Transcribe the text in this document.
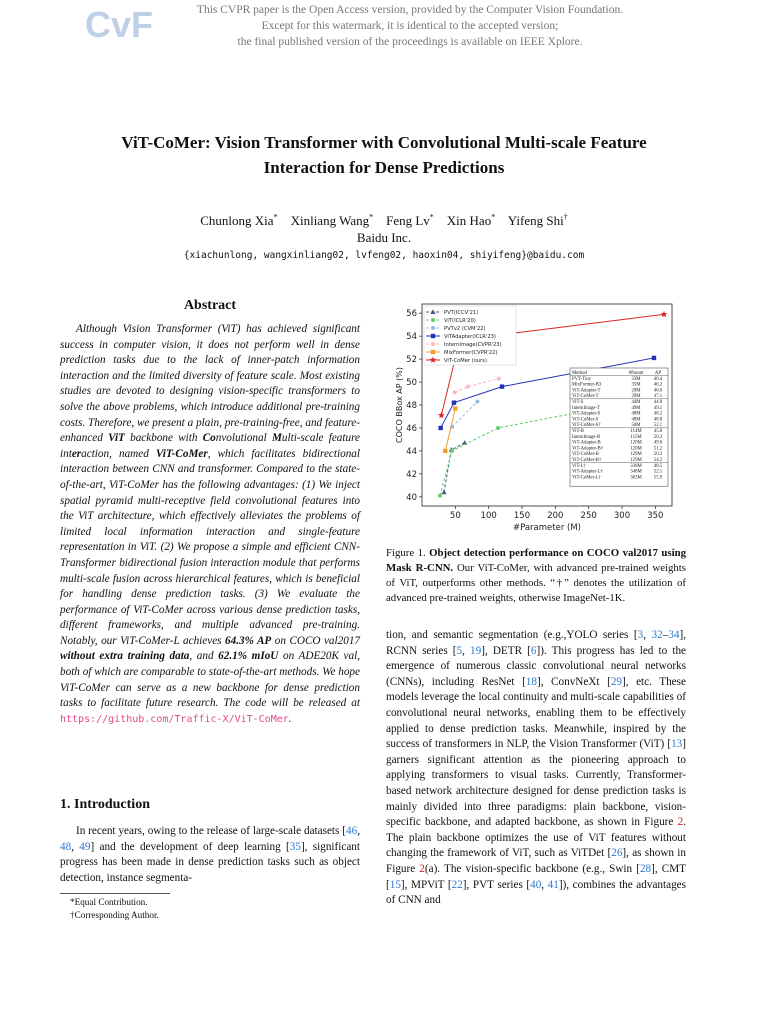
CvF	This CVPR paper is the Open Access version, provided by the Computer Vision Foundation.
Except for this watermark, it is identical to the accepted version;
the final published version of the proceedings is available on IEEE Xplore.
ViT-CoMer: Vision Transformer with Convolutional Multi-scale Feature
Interaction for Dense Predictions
Chunlong Xia* Xinliang Wang* Feng Lv* Xin Hao* Yifeng Shi†
Baidu Inc.
{xiachunlong, wangxinliang02, lvfeng02, haoxin04, shiyifeng}@baidu.com
Abstract
Although Vision Transformer (ViT) has achieved significant success in computer vision, it does not perform well in dense prediction tasks due to the lack of inner-patch information interaction and the limited diversity of feature scale. Most existing studies are devoted to designing vision-specific transformers to solve the above problems, which introduce additional pre-training costs. Therefore, we present a plain, pre-training-free, and feature-enhanced ViT backbone with Convolutional Multi-scale feature interaction, named ViT-CoMer, which facilitates bidirectional interaction between CNN and transformer. Compared to the state-of-the-art, ViT-CoMer has the following advantages: (1) We inject spatial pyramid multi-receptive field convolutional features into the ViT architecture, which effectively alleviates the problems of limited local information interaction and single-feature representation in ViT. (2) We propose a simple and efficient CNN-Transformer bidirectional fusion interaction module that performs multi-scale fusion across hierarchical features, which is beneficial for handling dense prediction tasks. (3) We evaluate the performance of ViT-CoMer across various dense prediction tasks, different frameworks, and multiple advanced pre-training. Notably, our ViT-CoMer-L achieves 64.3% AP on COCO val2017 without extra training data, and 62.1% mIoU on ADE20K val, both of which are comparable to state-of-the-art methods. We hope ViT-CoMer can serve as a new backbone for dense prediction tasks to facilitate future research. The code will be released at https://github.com/Traffic-X/ViT-CoMer.
1. Introduction
In recent years, owing to the release of large-scale datasets [46, 48, 49] and the development of deep learning [35], significant progress has been made in dense prediction tasks such as object detection, instance segmenta-
*Equal Contribution.
†Corresponding Author.
50 100 150 200 250 300 350
40
42
44
46
48
50
52
54
56
#Parameter (M)
COCO BBox AP (%)
PVT(ICCV'21)
ViT(ICLR'20)
PVTv2 (CVM'22)
ViTAdapter(ICLR'23)
InternImage(CVPR'23)
MixFormer(CVPR'22)
ViT-CoMer (ours)
Method	#Param AP
PVT-Tiny	33M	40.4
MixFormer-B3	35M	46.2
ViT-Adapter-T	28M	46.0
ViT-CoMer-T	29M	47.1
ViT-S	44M	44.0
InternImage-T	49M	49.1
ViT-Adapter-S	48M	48.2
ViT-CoMer-S	48M	48.8
ViT-CoMer-S†	50M	52.1
ViT-B	114M	45.8
InternImage-B	115M	50.3
ViT-Adapter-B	120M	49.6
ViT-Adapter-B†	120M	51.2
ViT-CoMer-B	129M	50.2
ViT-CoMer-B†	129M	54.2
ViT-L†	338M	48.5
ViT-Adapter-L†	348M	52.1
ViT-CoMer-L†	363M	55.9
Figure 1. Object detection performance on COCO val2017 using Mask R-CNN. Our ViT-CoMer, with advanced pre-trained weights of ViT, outperforms other methods. “†” denotes the utilization of advanced pre-trained weights, otherwise ImageNet-1K.
tion, and semantic segmentation (e.g.,YOLO series [3, 32–34], RCNN series [5, 19], DETR [6]). This progress has led to the emergence of numerous classic convolutional neural networks (CNNs), including ResNet [18], ConvNeXt [29], etc. These models leverage the local continuity and multi-scale capabilities of convolutional neural networks, enabling them to be effectively applied to dense prediction tasks. Meanwhile, inspired by the success of transformers in NLP, the Vision Transformer (ViT) [13] garners significant attention as the pioneering approach to applying transformers to visual tasks. Currently, Transformer-based network architecture designed for dense prediction tasks is mainly divided into three paradigms: plain backbone, vision-specific backbone, and adapted backbone, as shown in Figure 2. The plain backbone optimizes the use of ViT features without changing the framework of ViT, such as ViTDet [26], as shown in Figure 2(a). The vision-specific backbone (e.g., Swin [28], CMT [15], MPViT [22], PVT series [40, 41]), combines the advantages of CNN and
